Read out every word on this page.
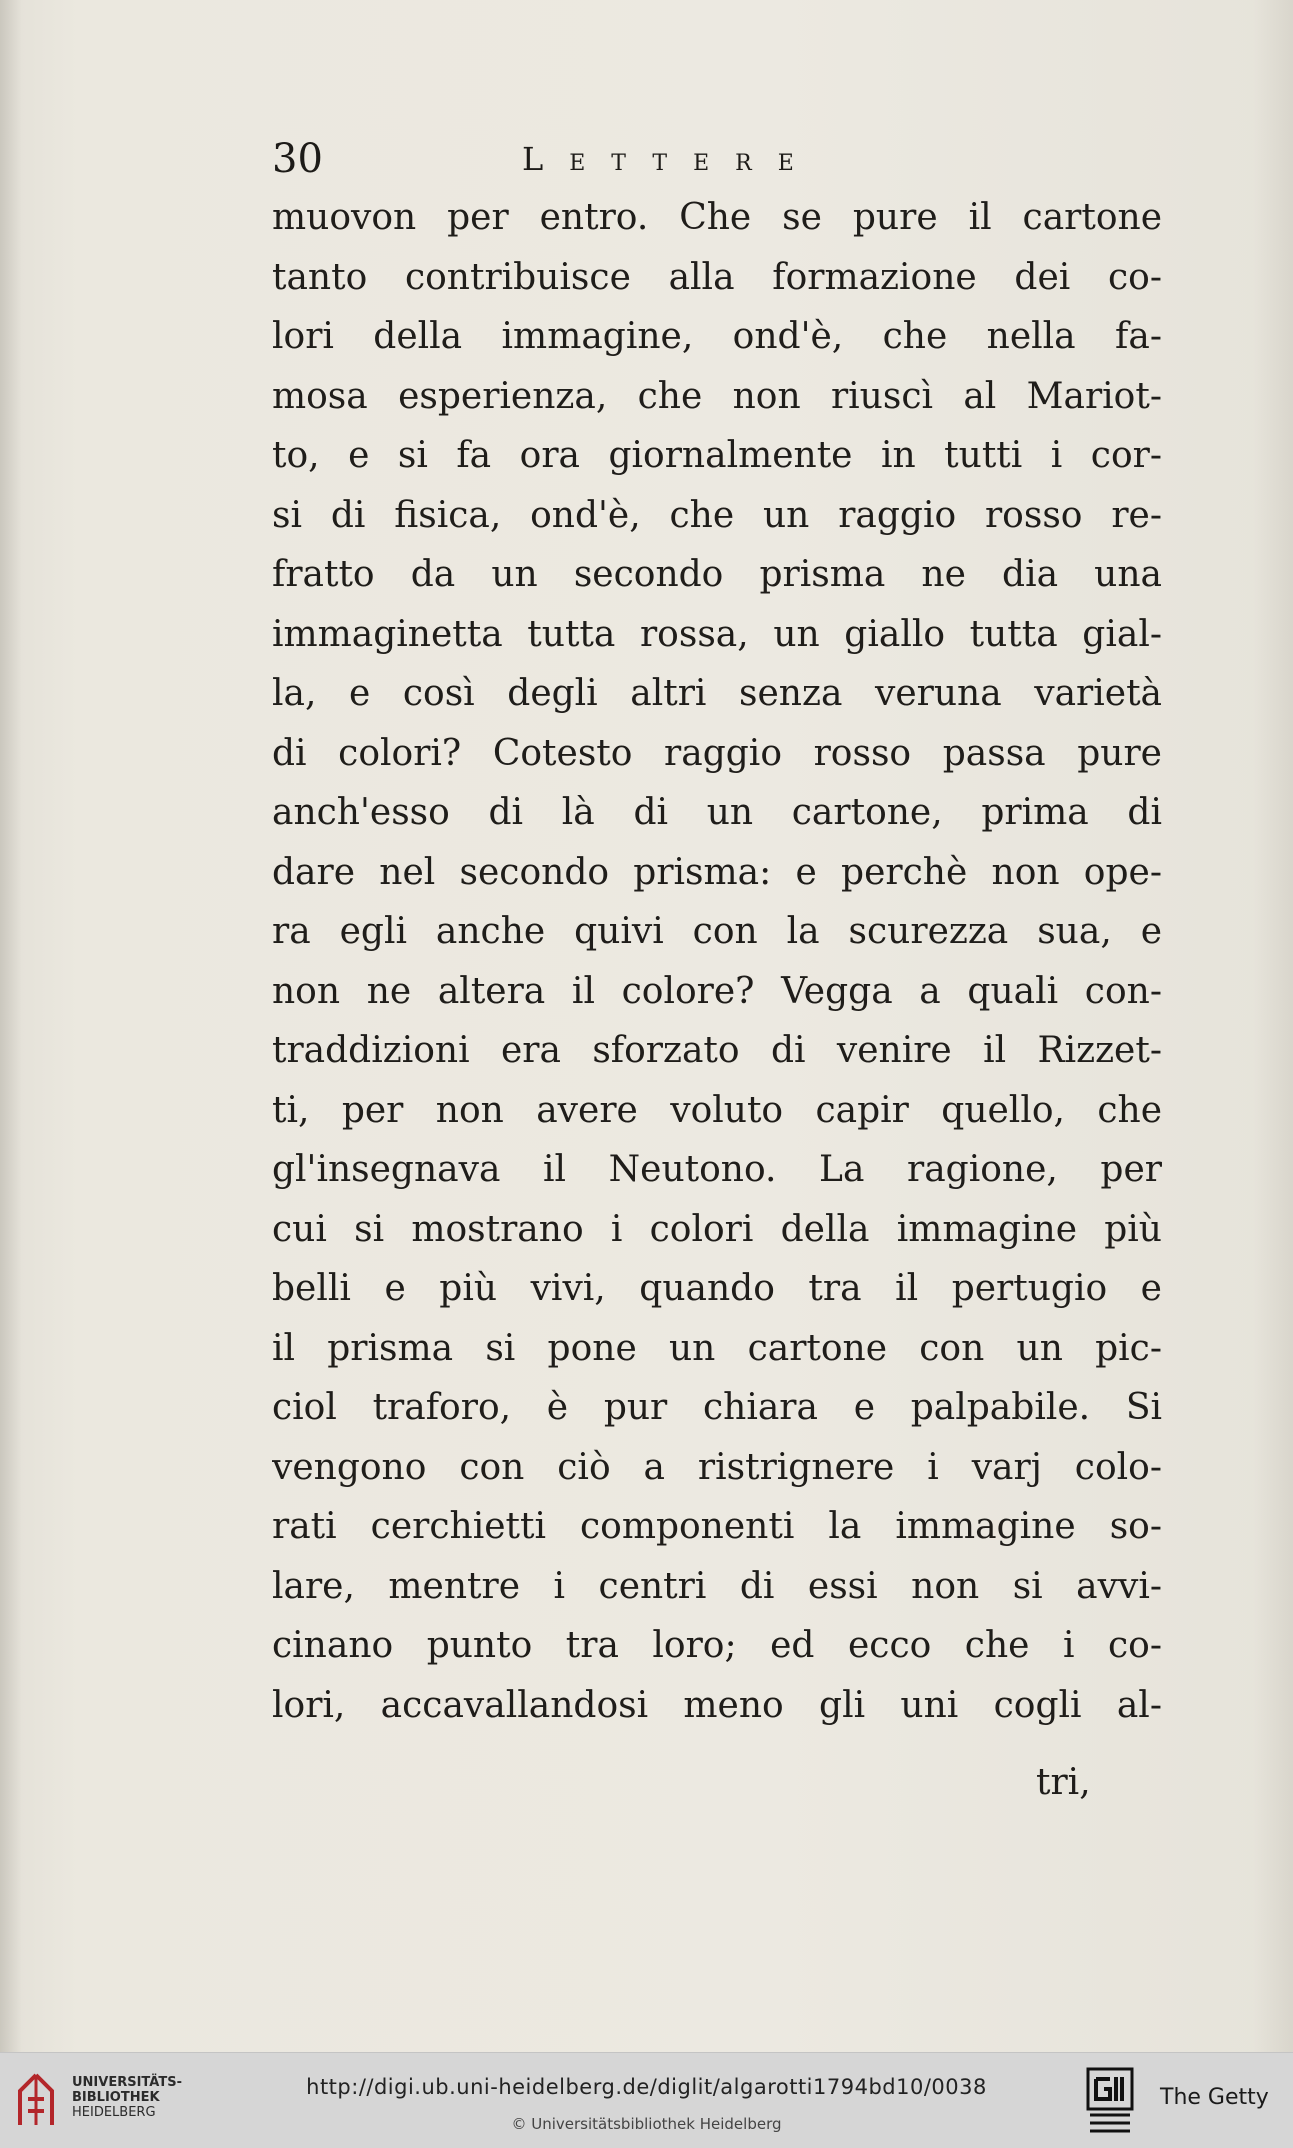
30	Lettere
muovon per entro. Che se pure il cartone
tanto contribuisce alla formazione dei co-
lori della immagine, ond'è, che nella fa-
mosa esperienza, che non riuscì al Mariot-
to, e si fa ora giornalmente in tutti i cor-
si di fisica, ond'è, che un raggio rosso re-
fratto da un secondo prisma ne dia una
immaginetta tutta rossa, un giallo tutta gial-
la, e così degli altri senza veruna varietà
di colori? Cotesto raggio rosso passa pure
anch'esso di là di un cartone, prima di
dare nel secondo prisma: e perchè non ope-
ra egli anche quivi con la scurezza sua, e
non ne altera il colore? Vegga a quali con-
traddizioni era sforzato di venire il Rizzet-
ti, per non avere voluto capir quello, che
gl'insegnava il Neutono. La ragione, per
cui si mostrano i colori della immagine più
belli e più vivi, quando tra il pertugio e
il prisma si pone un cartone con un pic-
ciol traforo, è pur chiara e palpabile. Si
vengono con ciò a ristrignere i varj colo-
rati cerchietti componenti la immagine so-
lare, mentre i centri di essi non si avvi-
cinano punto tra loro; ed ecco che i co-
lori, accavallandosi meno gli uni cogli al-
tri,
UNIVERSITÄTS-
BIBLIOTHEK
HEIDELBERG
http://digi.ub.uni-heidelberg.de/diglit/algarotti1794bd10/0038
© Universitätsbibliothek Heidelberg
The Getty
